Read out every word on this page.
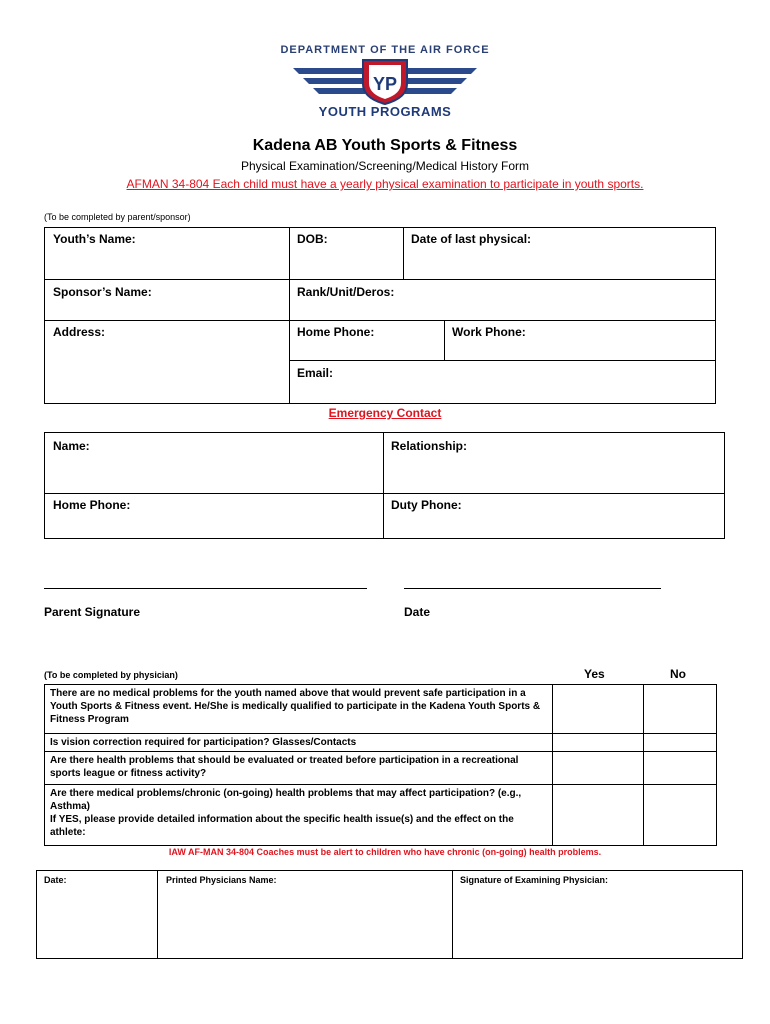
DEPARTMENT OF THE AIR FORCE
YP
YOUTH PROGRAMS
Kadena AB Youth Sports & Fitness
Physical Examination/Screening/Medical History Form
AFMAN 34-804 Each child must have a yearly physical examination to participate in youth sports.
(To be completed by parent/sponsor)
Youth’s Name:	DOB:	Date of last physical:
Sponsor’s Name:	Rank/Unit/Deros:
Address:	Home Phone:	Work Phone:
Email:
Emergency Contact
Name:	Relationship:
Home Phone:	Duty Phone:
Parent Signature	Date
(To be completed by physician)	Yes	No
There are no medical problems for the youth named above that would prevent safe participation in a Youth Sports & Fitness event. He/She is medically qualified to participate in the Kadena Youth Sports & Fitness Program		
Is vision correction required for participation? Glasses/Contacts		
Are there health problems that should be evaluated or treated before participation in a recreational sports league or fitness activity?		
Are there medical problems/chronic (on-going) health problems that may affect participation? (e.g., Asthma)
If YES, please provide detailed information about the specific health issue(s) and the effect on the athlete:		
IAW AF-MAN 34-804 Coaches must be alert to children who have chronic (on-going) health problems.
Date:	Printed Physicians Name:	Signature of Examining Physician:
